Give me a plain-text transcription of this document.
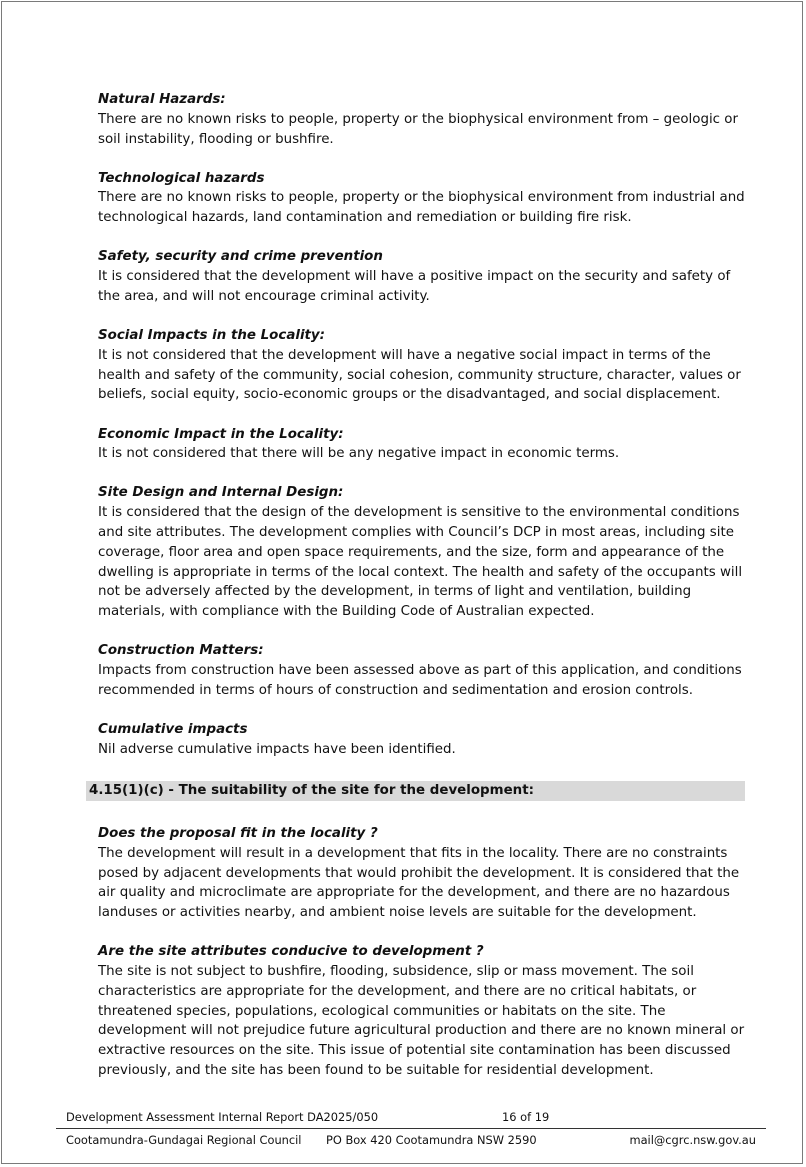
Natural Hazards:

There are no known risks to people, property or the biophysical environment from – geologic or soil instability, flooding or bushfire.

Technological hazards

There are no known risks to people, property or the biophysical environment from industrial and technological hazards, land contamination and remediation or building fire risk.

Safety, security and crime prevention

It is considered that the development will have a positive impact on the security and safety of the area, and will not encourage criminal activity.

Social Impacts in the Locality:

It is not considered that the development will have a negative social impact in terms of the health and safety of the community, social cohesion, community structure, character, values or beliefs, social equity, socio-economic groups or the disadvantaged, and social displacement.

Economic Impact in the Locality:

It is not considered that there will be any negative impact in economic terms.

Site Design and Internal Design:

It is considered that the design of the development is sensitive to the environmental conditions and site attributes. The development complies with Council’s DCP in most areas, including site coverage, floor area and open space requirements, and the size, form and appearance of the dwelling is appropriate in terms of the local context. The health and safety of the occupants will not be adversely affected by the development, in terms of light and ventilation, building materials, with compliance with the Building Code of Australian expected.

Construction Matters:

Impacts from construction have been assessed above as part of this application, and conditions recommended in terms of hours of construction and sedimentation and erosion controls.

Cumulative impacts

Nil adverse cumulative impacts have been identified.

4.15(1)(c) - The suitability of the site for the development:

Does the proposal fit in the locality ?

The development will result in a development that fits in the locality. There are no constraints posed by adjacent developments that would prohibit the development. It is considered that the air quality and microclimate are appropriate for the development, and there are no hazardous landuses or activities nearby, and ambient noise levels are suitable for the development.

Are the site attributes conducive to development ?

The site is not subject to bushfire, flooding, subsidence, slip or mass movement. The soil characteristics are appropriate for the development, and there are no critical habitats, or threatened species, populations, ecological communities or habitats on the site. The development will not prejudice future agricultural production and there are no known mineral or extractive resources on the site. This issue of potential site contamination has been discussed previously, and the site has been found to be suitable for residential development.

Development Assessment Internal Report DA2025/050	16 of 19
Cootamundra-Gundagai Regional Council PO Box 420 Cootamundra NSW 2590	mail@cgrc.nsw.gov.au
